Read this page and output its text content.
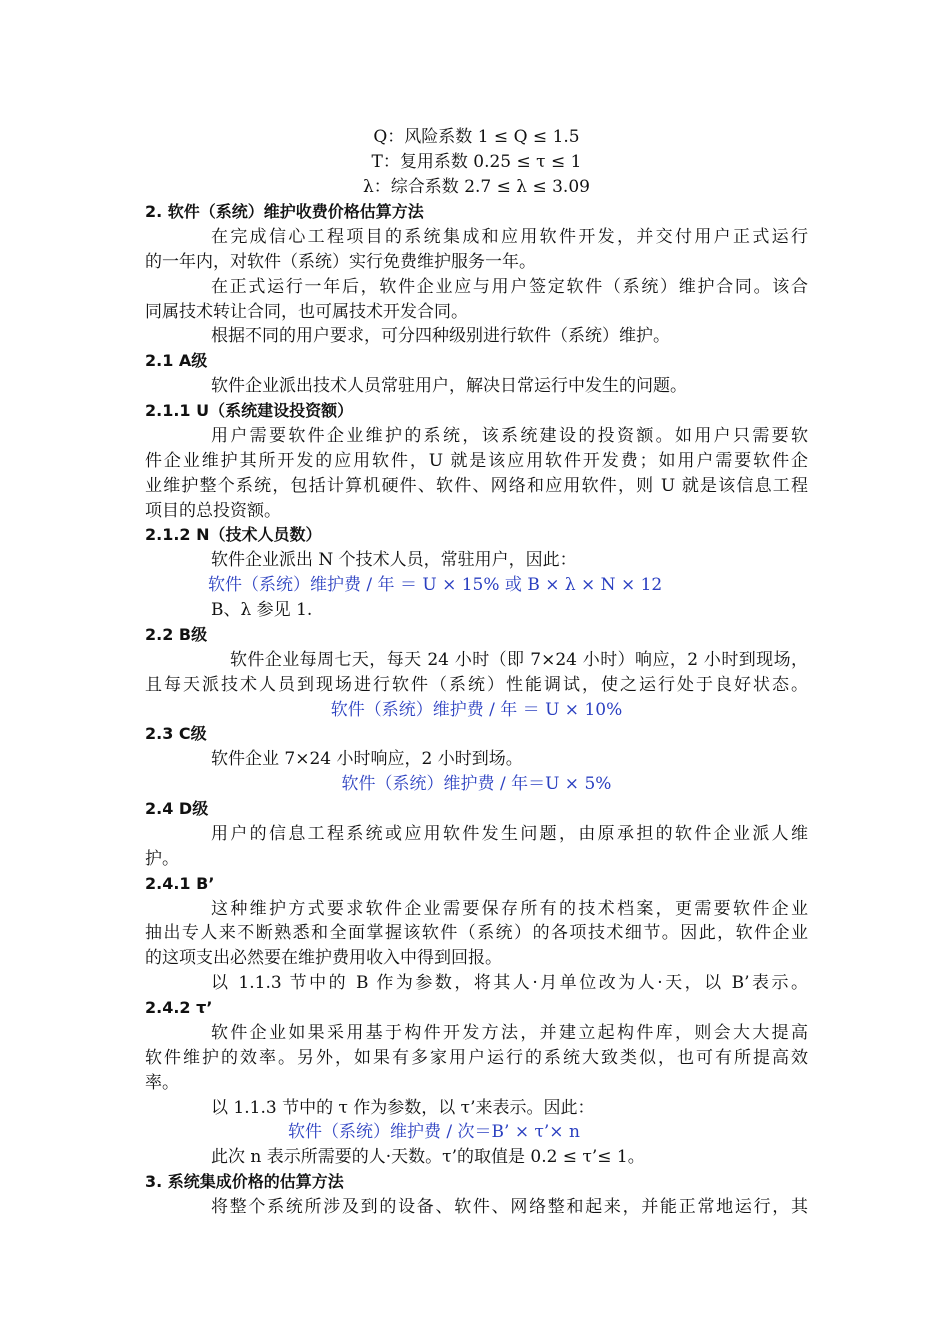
Q：风险系数 1 ≤ Q ≤ 1.5
T：复用系数 0.25 ≤ τ ≤ 1
λ：综合系数 2.7 ≤ λ ≤ 3.09
2. 软件（系统）维护收费价格估算方法
在完成信心工程项目的系统集成和应用软件开发，并交付用户正式运行
的一年内，对软件（系统）实行免费维护服务一年。
在正式运行一年后，软件企业应与用户签定软件（系统）维护合同。该合
同属技术转让合同，也可属技术开发合同。
根据不同的用户要求，可分四种级别进行软件（系统）维护。
2.1 A级
软件企业派出技术人员常驻用户，解决日常运行中发生的问题。
2.1.1 U（系统建设投资额）
用户需要软件企业维护的系统，该系统建设的投资额。如用户只需要软
件企业维护其所开发的应用软件，U 就是该应用软件开发费；如用户需要软件企
业维护整个系统，包括计算机硬件、软件、网络和应用软件，则 U 就是该信息工程
项目的总投资额。
2.1.2 N（技术人员数）
软件企业派出 N 个技术人员，常驻用户，因此：
软件（系统）维护费 / 年 ＝ U × 15% 或 B × λ × N × 12
B、λ 参见 1.
2.2 B级
软件企业每周七天，每天 24 小时（即 7×24 小时）响应，2 小时到现场，
且每天派技术人员到现场进行软件（系统）性能调试，使之运行处于良好状态。
软件（系统）维护费 / 年 ＝ U × 10%
2.3 C级
软件企业 7×24 小时响应，2 小时到场。
软件（系统）维护费 / 年＝U × 5%
2.4 D级
用户的信息工程系统或应用软件发生问题，由原承担的软件企业派人维
护。
2.4.1 B’
这种维护方式要求软件企业需要保存所有的技术档案，更需要软件企业
抽出专人来不断熟悉和全面掌握该软件（系统）的各项技术细节。因此，软件企业
的这项支出必然要在维护费用收入中得到回报。
以 1.1.3 节中的 B 作为参数，将其人·月单位改为人·天，以 B’表示。
2.4.2 τ’
软件企业如果采用基于构件开发方法，并建立起构件库，则会大大提高
软件维护的效率。另外，如果有多家用户运行的系统大致类似，也可有所提高效
率。
以 1.1.3 节中的 τ 作为参数，以 τ’来表示。因此：
软件（系统）维护费 / 次＝B’ × τ’× n
此次 n 表示所需要的人·天数。τ’的取值是 0.2 ≤ τ’≤ 1。
3. 系统集成价格的估算方法
将整个系统所涉及到的设备、软件、网络整和起来，并能正常地运行，其
